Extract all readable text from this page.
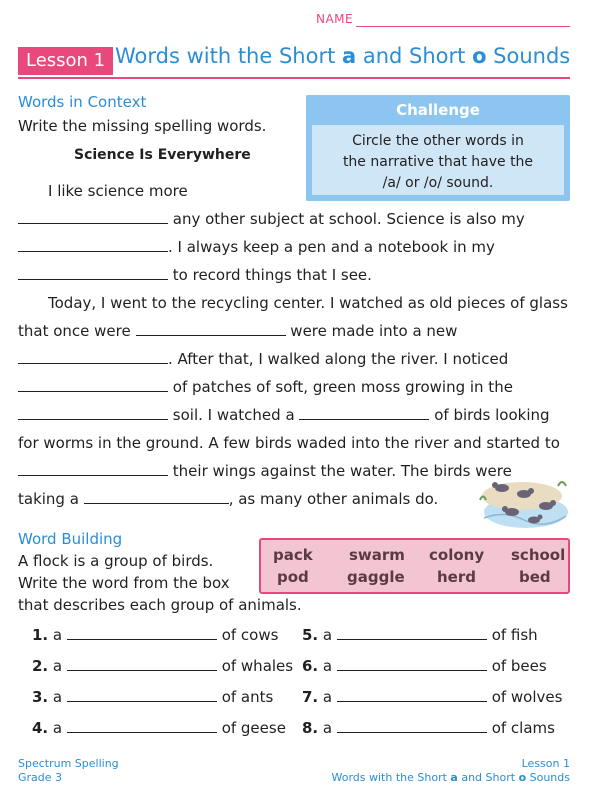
NAME
Lesson 1 Words with the Short a and Short o Sounds
Words in Context
Write the missing spelling words.
Science Is Everywhere
Challenge
Circle the other words in
the narrative that have the
/a/ or /o/ sound.
I like science more
any other subject at school. Science is also my
. I always keep a pen and a notebook in my
to record things that I see.
Today, I went to the recycling center. I watched as old pieces of glass
that once were	were made into a new
. After that, I walked along the river. I noticed
of patches of soft, green moss growing in the
soil. I watched a	of birds looking
for worms in the ground. A few birds waded into the river and started to
their wings against the water. The birds were
taking a	, as many other animals do.
Word Building
A flock is a group of birds.
Write the word from the box
that describes each group of animals.
pack swarm colony school
pod	gaggle herd	bed
1. a	of cows
2. a	of whales
3. a	of ants
4. a	of geese
5. a	of fish
6. a	of bees
7. a	of wolves
8. a	of clams
Spectrum Spelling
Grade 3
Lesson 1
Words with the Short a and Short o Sounds
